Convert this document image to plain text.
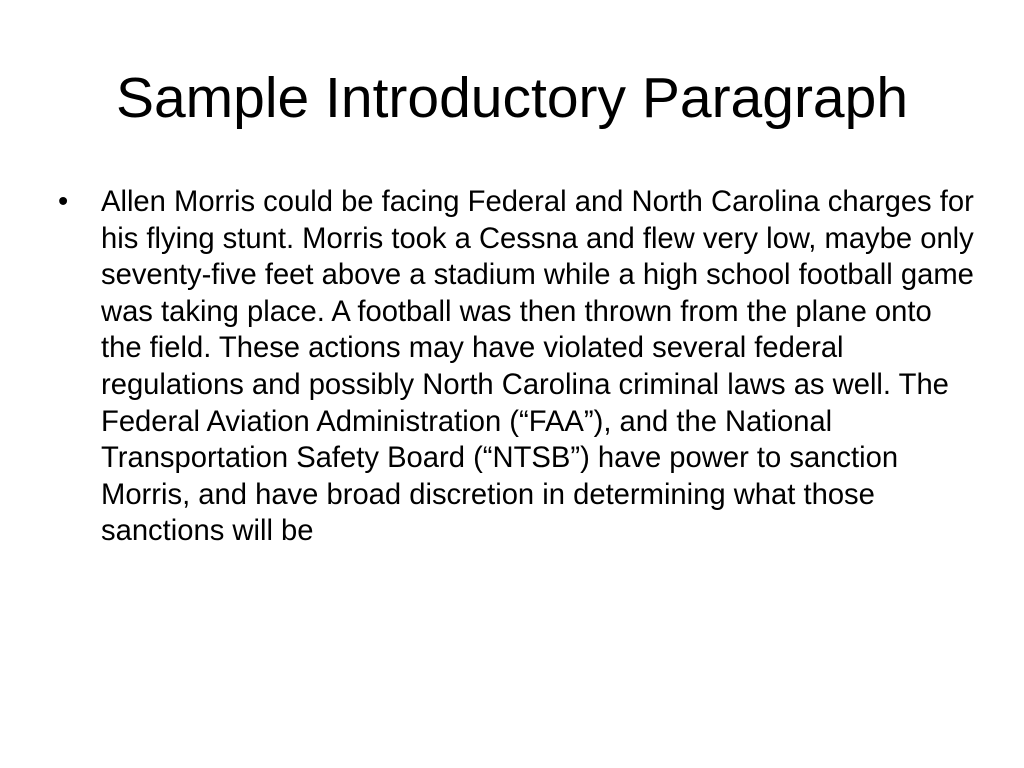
Sample Introductory Paragraph
• Allen Morris could be facing Federal and North Carolina charges for his flying stunt. Morris took a Cessna and flew very low, maybe only seventy-five feet above a stadium while a high school football game was taking place. A football was then thrown from the plane onto the field. These actions may have violated several federal regulations and possibly North Carolina criminal laws as well. The Federal Aviation Administration (“FAA”), and the National Transportation Safety Board (“NTSB”) have power to sanction Morris, and have broad discretion in determining what those sanctions will be
